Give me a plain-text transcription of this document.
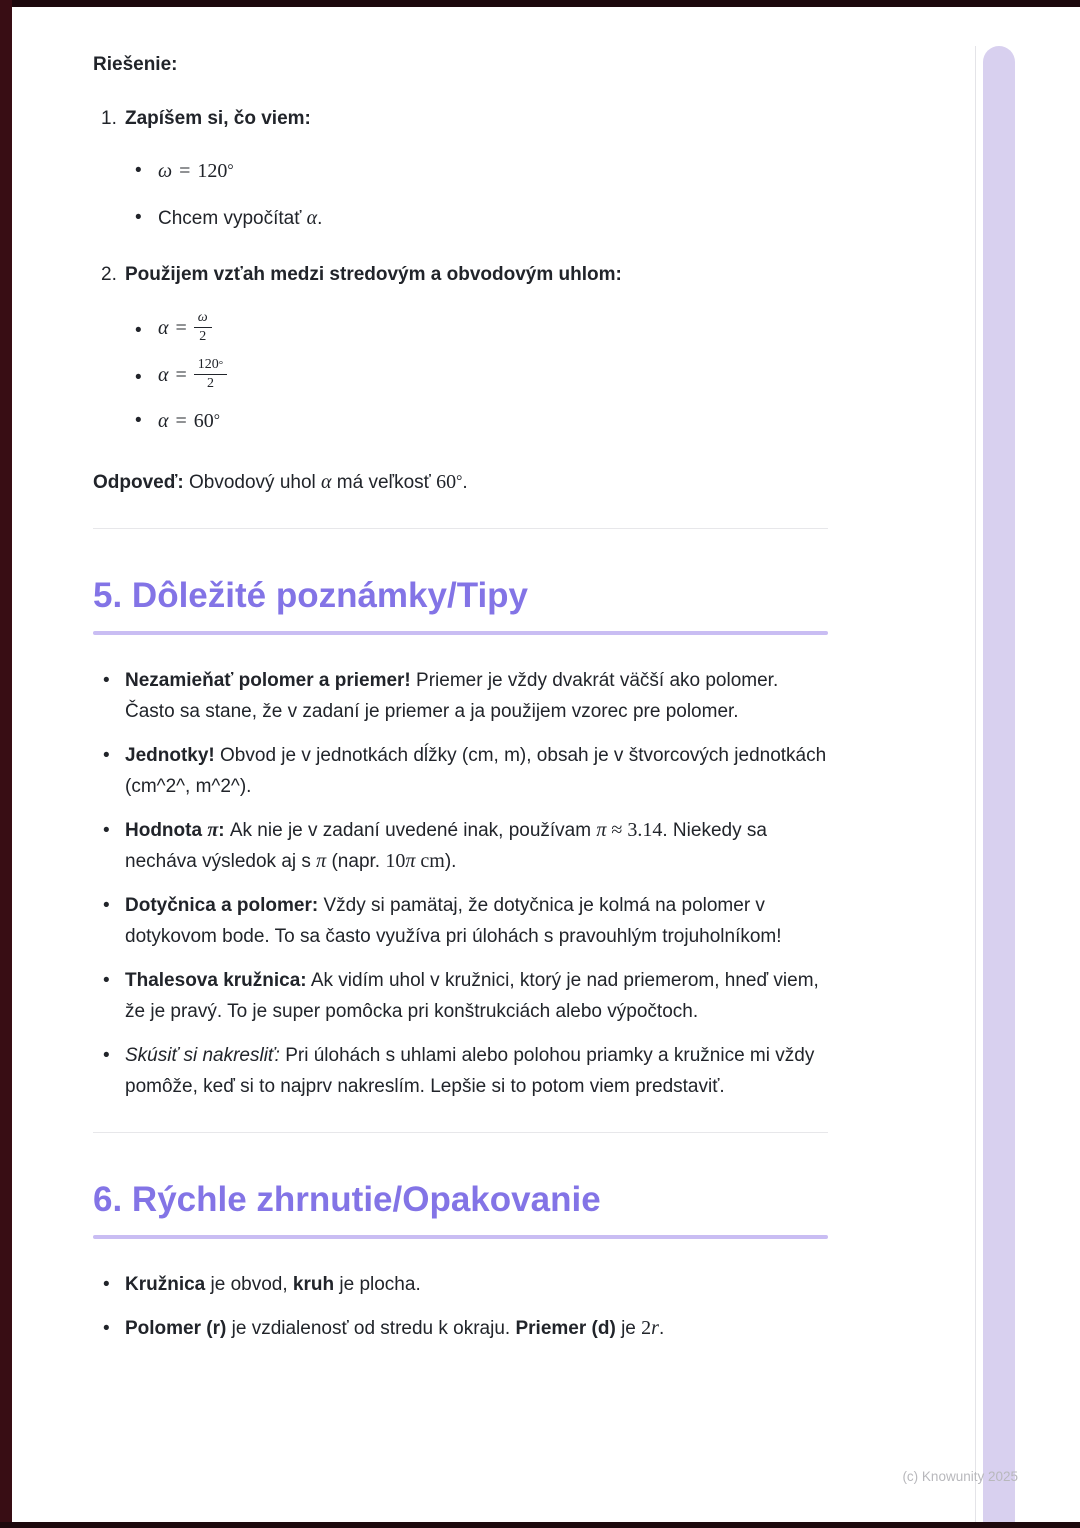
Riešenie:

1. Zapíšem si, čo viem:
• ω = 120°
• Chcem vypočítať α.
2. Použijem vzťah medzi stredovým a obvodovým uhlom:
• $\alpha = \frac{\omega}{2}$
• $\alpha = \frac{120 ^\circ}{2}$
• α = 60°

Odpoveď: Obvodový uhol α má veľkosť 60°.

5. Dôležité poznámky/Tipy
• Nezamieňať polomer a priemer! Priemer je vždy dvakrát väčší ako polomer. Často sa stane, že v zadaní je priemer a ja použijem vzorec pre polomer.
• Jednotky! Obvod je v jednotkách dĺžky (cm, m), obsah je v štvorcových jednotkách (cm^2^, m^2^).
• Hodnota π: Ak nie je v zadaní uvedené inak, používam π ≈ 3.14. Niekedy sa necháva výsledok aj s π (napr. 10π cm).
• Dotyčnica a polomer: Vždy si pamätaj, že dotyčnica je kolmá na polomer v dotykovom bode. To sa často využíva pri úlohách s pravouhlým trojuholníkom!
• Thalesova kružnica: Ak vidím uhol v kružnici, ktorý je nad priemerom, hneď viem, že je pravý. To je super pomôcka pri konštrukciách alebo výpočtoch.
• Skúsiť si nakresliť: Pri úlohách s uhlami alebo polohou priamky a kružnice mi vždy pomôže, keď si to najprv nakreslím. Lepšie si to potom viem predstaviť.
6. Rýchle zhrnutie/Opakovanie
• Kružnica je obvod, kruh je plocha.
• Polomer (r) je vzdialenosť od stredu k okraju. Priemer (d) je 2r.
(c) Knowunity 2025
